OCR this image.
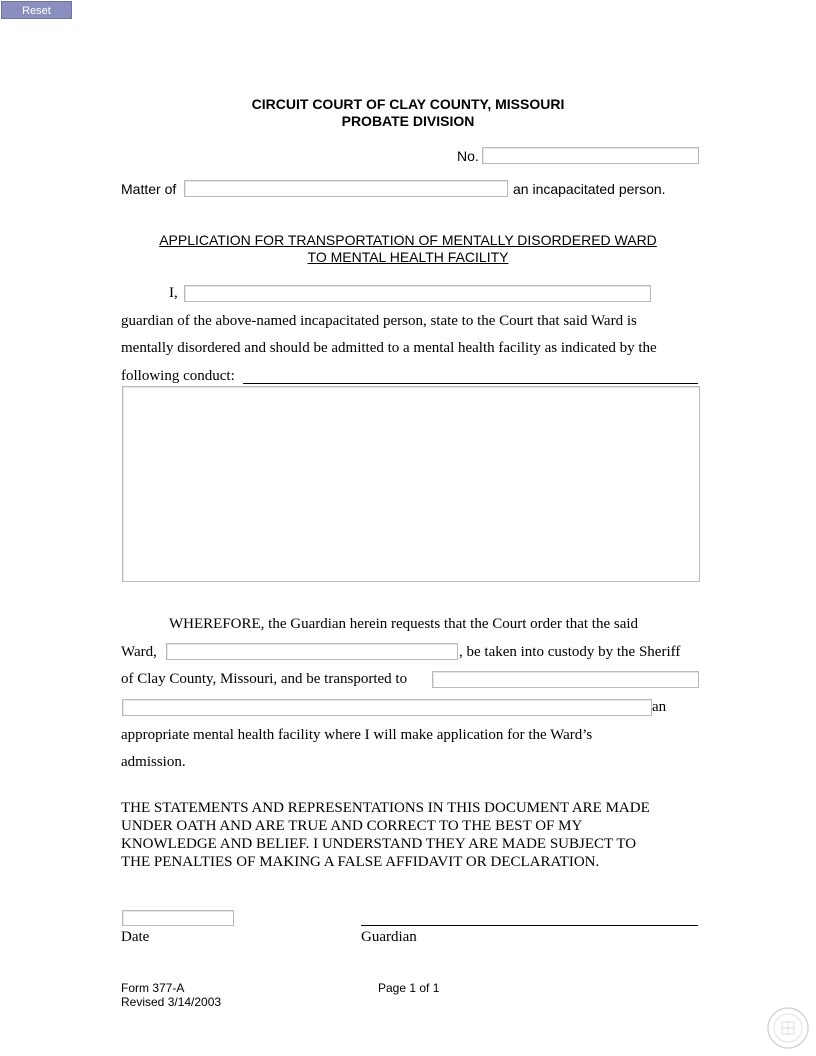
Reset Form
CIRCUIT COURT OF CLAY COUNTY, MISSOURI
PROBATE DIVISION
No.
Matter of	an incapacitated person.
APPLICATION FOR TRANSPORTATION OF MENTALLY DISORDERED WARD
TO MENTAL HEALTH FACILITY
I,
guardian of the above-named incapacitated person, state to the Court that said Ward is
mentally disordered and should be admitted to a mental health facility as indicated by the
following conduct:
WHEREFORE, the Guardian herein requests that the Court order that the said
Ward,	, be taken into custody by the Sheriff
of Clay County, Missouri, and be transported to
an
appropriate mental health facility where I will make application for the Ward’s
admission.
THE STATEMENTS AND REPRESENTATIONS IN THIS DOCUMENT ARE MADE
UNDER OATH AND ARE TRUE AND CORRECT TO THE BEST OF MY
KNOWLEDGE AND BELIEF. I UNDERSTAND THEY ARE MADE SUBJECT TO
THE PENALTIES OF MAKING A FALSE AFFIDAVIT OR DECLARATION.
Date	Guardian
Form 377-A
Revised 3/14/2003
Page 1 of 1
